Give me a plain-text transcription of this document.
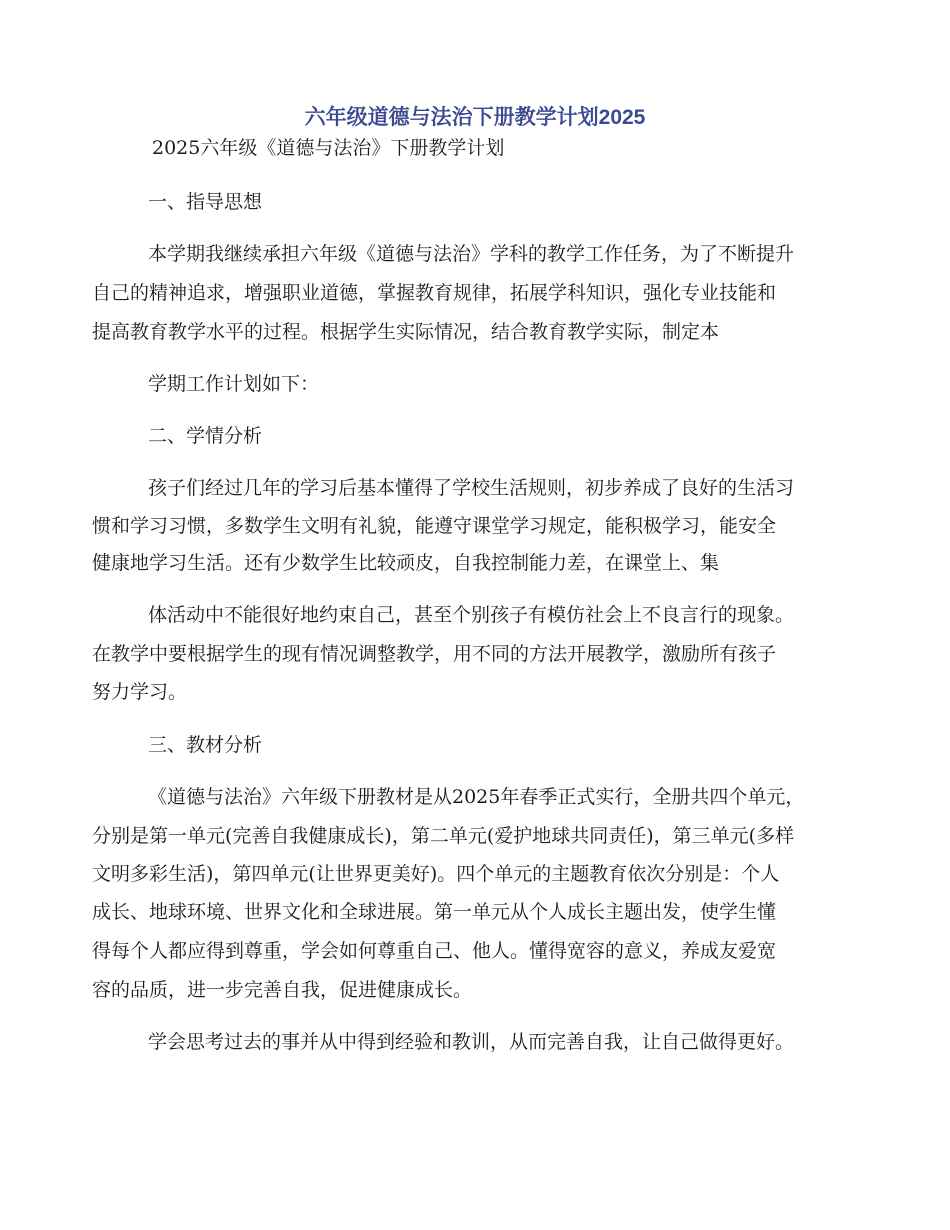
六年级道德与法治下册教学计划2025

2025六年级《道德与法治》下册教学计划

一、指导思想

本学期我继续承担六年级《道德与法治》学科的教学工作任务，为了不断提升

自己的精神追求，增强职业道德，掌握教育规律，拓展学科知识，强化专业技能和

提高教育教学水平的过程。根据学生实际情况，结合教育教学实际，制定本

学期工作计划如下：

二、学情分析

孩子们经过几年的学习后基本懂得了学校生活规则，初步养成了良好的生活习

惯和学习习惯，多数学生文明有礼貌，能遵守课堂学习规定，能积极学习，能安全

健康地学习生活。还有少数学生比较顽皮，自我控制能力差，在课堂上、集

体活动中不能很好地约束自己，甚至个别孩子有模仿社会上不良言行的现象。

在教学中要根据学生的现有情况调整教学，用不同的方法开展教学，激励所有孩子

努力学习。

三、教材分析

《道德与法治》六年级下册教材是从2025年春季正式实行，全册共四个单元，

分别是第一单元(完善自我健康成长)，第二单元(爱护地球共同责任)，第三单元(多样

文明多彩生活)，第四单元(让世界更美好)。四个单元的主题教育依次分别是：个人

成长、地球环境、世界文化和全球进展。第一单元从个人成长主题出发，使学生懂

得每个人都应得到尊重，学会如何尊重自己、他人。懂得宽容的意义，养成友爱宽

容的品质，进一步完善自我，促进健康成长。

学会思考过去的事并从中得到经验和教训，从而完善自我，让自己做得更好。
